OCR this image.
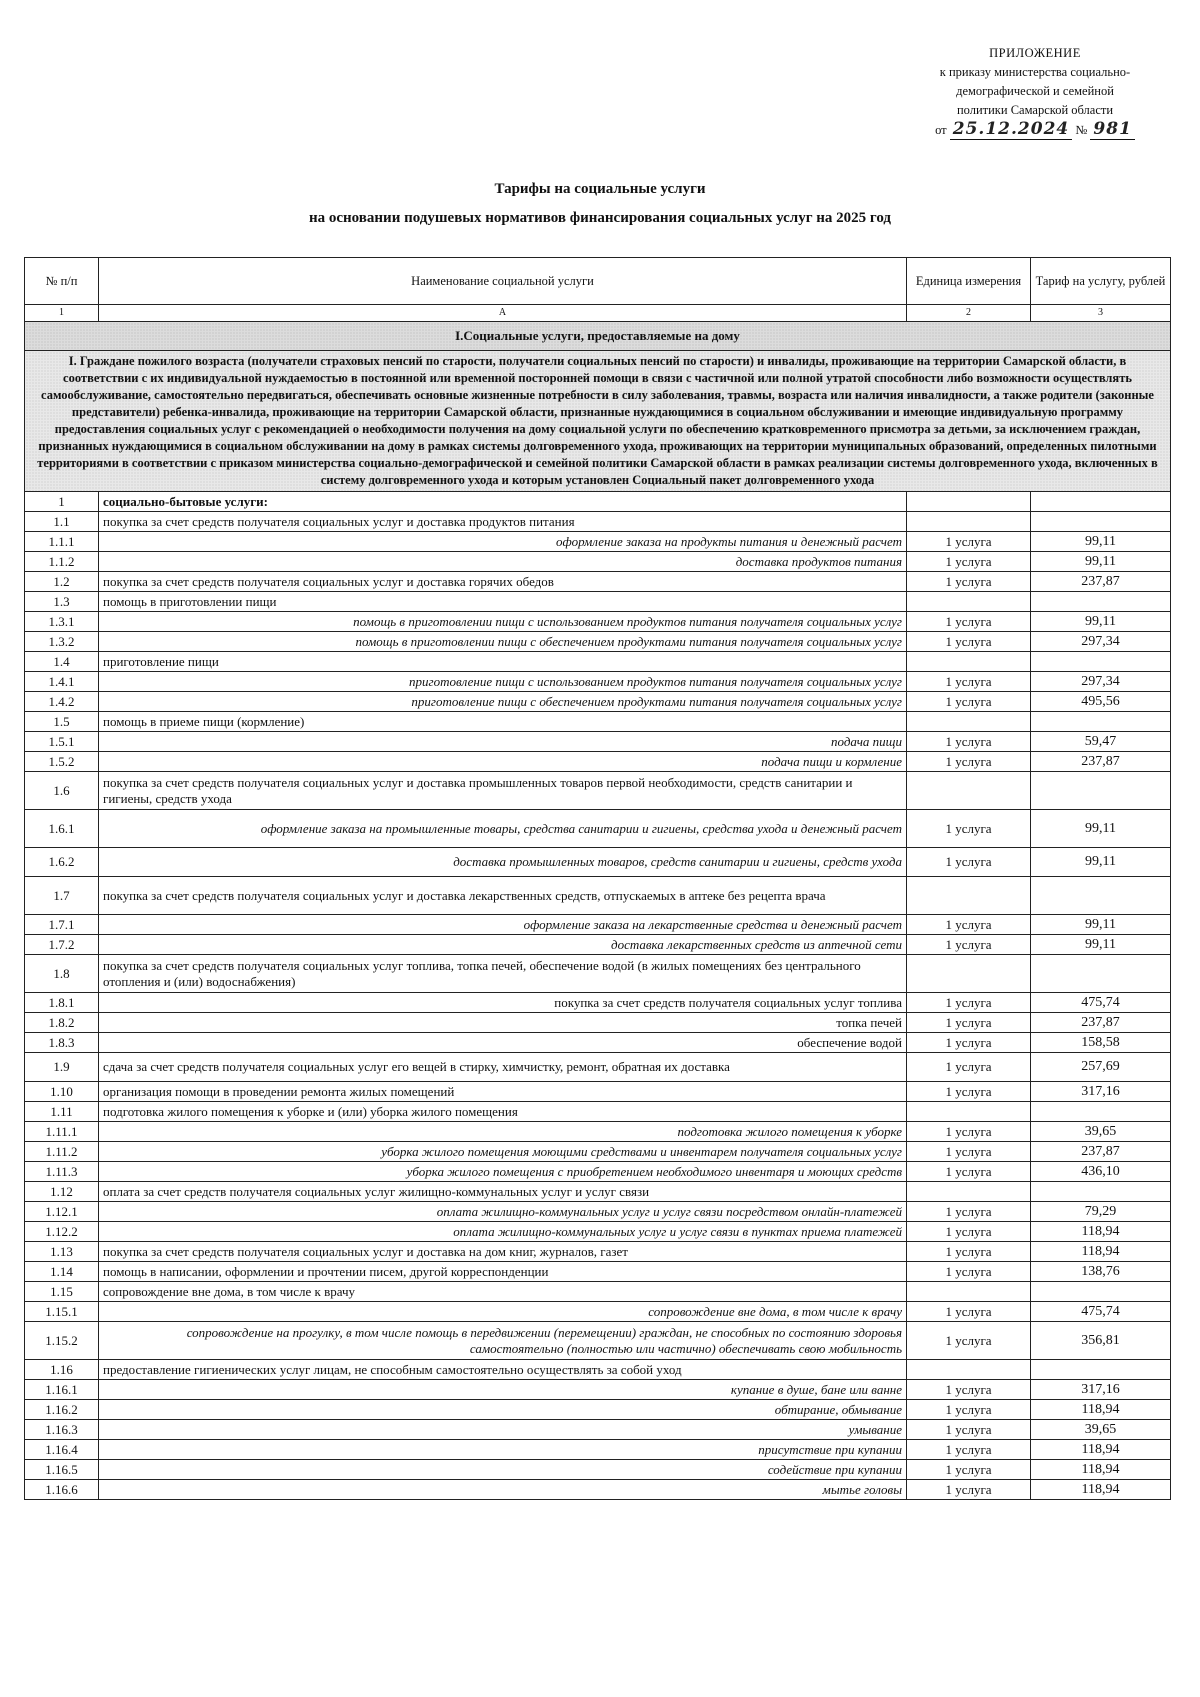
ПРИЛОЖЕНИЕ
к приказу министерства социально-
демографической и семейной
политики Самарской области
от 25.12.2024 № 981
Тарифы на социальные услуги
на основании подушевых нормативов финансирования социальных услуг на 2025 год
№ п/п	Наименование социальной услуги	Единица измерения	Тариф на услугу, рублей
1	А	2	3
I.Социальные услуги, предоставляемые на дому			
I. Граждане пожилого возраста (получатели страховых пенсий по старости, получатели социальных пенсий по старости) и инвалиды, проживающие на территории Самарской области, в соответствии с их индивидуальной нуждаемостью в постоянной или временной посторонней помощи в связи с частичной или полной утратой способности либо возможности осуществлять самообслуживание, самостоятельно передвигаться, обеспечивать основные жизненные потребности в силу заболевания, травмы, возраста или наличия инвалидности, а также родители (законные представители) ребенка-инвалида, проживающие на территории Самарской области, признанные нуждающимися в социальном обслуживании и имеющие индивидуальную программу предоставления социальных услуг с рекомендацией о необходимости получения на дому социальной услуги по обеспечению кратковременного присмотра за детьми, за исключением граждан, признанных нуждающимися в социальном обслуживании на дому в рамках системы долговременного ухода, проживающих на территории муниципальных образований, определенных пилотными территориями в соответствии с приказом министерства социально-демографической и семейной политики Самарской области в рамках реализации системы долговременного ухода, включенных в систему долговременного ухода и которым установлен Социальный пакет долговременного ухода			
1	социально-бытовые услуги:		
1.1	покупка за счет средств получателя социальных услуг и доставка продуктов питания		
1.1.1	оформление заказа на продукты питания и денежный расчет	1 услуга	99,11
1.1.2	доставка продуктов питания	1 услуга	99,11
1.2	покупка за счет средств получателя социальных услуг и доставка горячих обедов	1 услуга	237,87
1.3	помощь в приготовлении пищи		
1.3.1	помощь в приготовлении пищи с использованием продуктов питания получателя социальных услуг	1 услуга	99,11
1.3.2	помощь в приготовлении пищи с обеспечением продуктами питания получателя социальных услуг	1 услуга	297,34
1.4	приготовление пищи		
1.4.1	приготовление пищи с использованием продуктов питания получателя социальных услуг	1 услуга	297,34
1.4.2	приготовление пищи с обеспечением продуктами питания получателя социальных услуг	1 услуга	495,56
1.5	помощь в приеме пищи (кормление)		
1.5.1	подача пищи	1 услуга	59,47
1.5.2	подача пищи и кормление	1 услуга	237,87
1.6	покупка за счет средств получателя социальных услуг и доставка промышленных товаров первой необходимости, средств санитарии и гигиены, средств ухода		
1.6.1	оформление заказа на промышленные товары, средства санитарии и гигиены, средства ухода и денежный расчет	1 услуга	99,11
1.6.2	доставка промышленных товаров, средств санитарии и гигиены, средств ухода	1 услуга	99,11
1.7	покупка за счет средств получателя социальных услуг и доставка лекарственных средств, отпускаемых в аптеке без рецепта врача		
1.7.1	оформление заказа на лекарственные средства и денежный расчет	1 услуга	99,11
1.7.2	доставка лекарственных средств из аптечной сети	1 услуга	99,11
1.8	покупка за счет средств получателя социальных услуг топлива, топка печей, обеспечение водой (в жилых помещениях без центрального отопления и (или) водоснабжения)		
1.8.1	покупка за счет средств получателя социальных услуг топлива	1 услуга	475,74
1.8.2	топка печей	1 услуга	237,87
1.8.3	обеспечение водой	1 услуга	158,58
1.9	сдача за счет средств получателя социальных услуг его вещей в стирку, химчистку, ремонт, обратная их доставка	1 услуга	257,69
1.10	организация помощи в проведении ремонта жилых помещений	1 услуга	317,16
1.11	подготовка жилого помещения к уборке и (или) уборка жилого помещения		
1.11.1	подготовка жилого помещения к уборке	1 услуга	39,65
1.11.2	уборка жилого помещения моющими средствами и инвентарем получателя социальных услуг	1 услуга	237,87
1.11.3	уборка жилого помещения с приобретением необходимого инвентаря и моющих средств	1 услуга	436,10
1.12	оплата за счет средств получателя социальных услуг жилищно-коммунальных услуг и услуг связи		
1.12.1	оплата жилищно-коммунальных услуг и услуг связи посредством онлайн-платежей	1 услуга	79,29
1.12.2	оплата жилищно-коммунальных услуг и услуг связи в пунктах приема платежей	1 услуга	118,94
1.13	покупка за счет средств получателя социальных услуг и доставка на дом книг, журналов, газет	1 услуга	118,94
1.14	помощь в написании, оформлении и прочтении писем, другой корреспонденции	1 услуга	138,76
1.15	сопровождение вне дома, в том числе к врачу		
1.15.1	сопровождение вне дома, в том числе к врачу	1 услуга	475,74
1.15.2	сопровождение на прогулку, в том числе помощь в передвижении (перемещении) граждан, не способных по состоянию здоровья самостоятельно (полностью или частично) обеспечивать свою мобильность	1 услуга	356,81
1.16	предоставление гигиенических услуг лицам, не способным самостоятельно осуществлять за собой уход		
1.16.1	купание в душе, бане или ванне	1 услуга	317,16
1.16.2	обтирание, обмывание	1 услуга	118,94
1.16.3	умывание	1 услуга	39,65
1.16.4	присутствие при купании	1 услуга	118,94
1.16.5	содействие при купании	1 услуга	118,94
1.16.6	мытье головы	1 услуга	118,94
